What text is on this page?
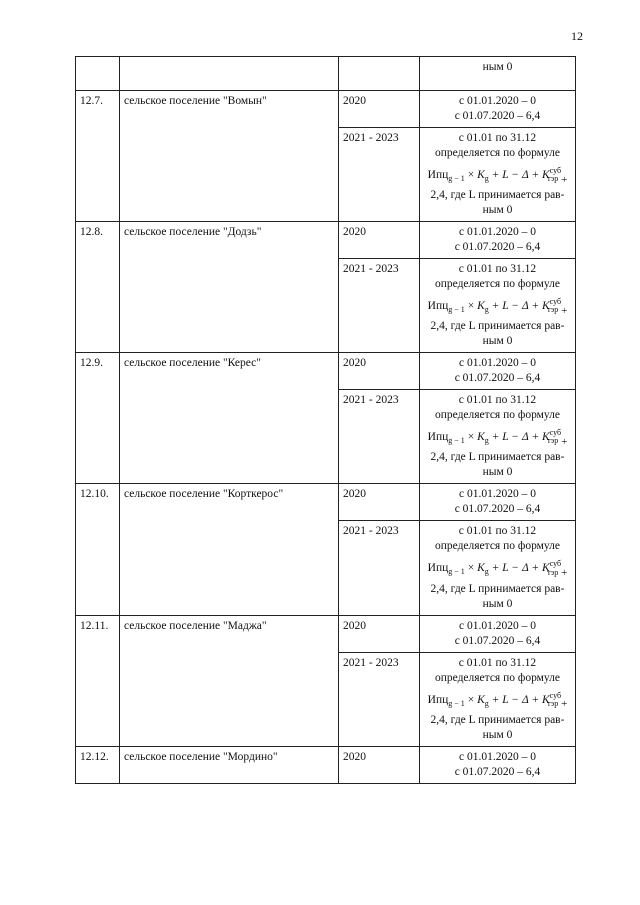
12
			ным 0
12.7.	сельское поселение "Вомын"	2020	с 01.01.2020 – 0
с 01.07.2020 – 6,4

		2021 - 2023	с 01.01 по 31.12
определяется по формуле
$Ипц_{g - 1} \times K_g + L - \Delta + K^{суб}_{тэр}$ +
2,4, где L принимается рав-
ным 0

12.8.	сельское поселение "Додзь"	2020	с 01.01.2020 – 0
с 01.07.2020 – 6,4

		2021 - 2023	с 01.01 по 31.12
определяется по формуле
$Ипц_{g - 1} \times K_g + L - \Delta + K^{суб}_{тэр}$ +
2,4, где L принимается рав-
ным 0

12.9.	сельское поселение "Керес"	2020	с 01.01.2020 – 0
с 01.07.2020 – 6,4

		2021 - 2023	с 01.01 по 31.12
определяется по формуле
$Ипц_{g - 1} \times K_g + L - \Delta + K^{суб}_{тэр}$ +
2,4, где L принимается рав-
ным 0

12.10.	сельское поселение "Корткерос"	2020	с 01.01.2020 – 0
с 01.07.2020 – 6,4

		2021 - 2023	с 01.01 по 31.12
определяется по формуле
$Ипц_{g - 1} \times K_g + L - \Delta + K^{суб}_{тэр}$ +
2,4, где L принимается рав-
ным 0

12.11.	сельское поселение "Маджа"	2020	с 01.01.2020 – 0
с 01.07.2020 – 6,4

		2021 - 2023	с 01.01 по 31.12
определяется по формуле
$Ипц_{g - 1} \times K_g + L - \Delta + K^{суб}_{тэр}$ +
2,4, где L принимается рав-
ным 0

12.12.	сельское поселение "Мордино"	2020	с 01.01.2020 – 0
с 01.07.2020 – 6,4
